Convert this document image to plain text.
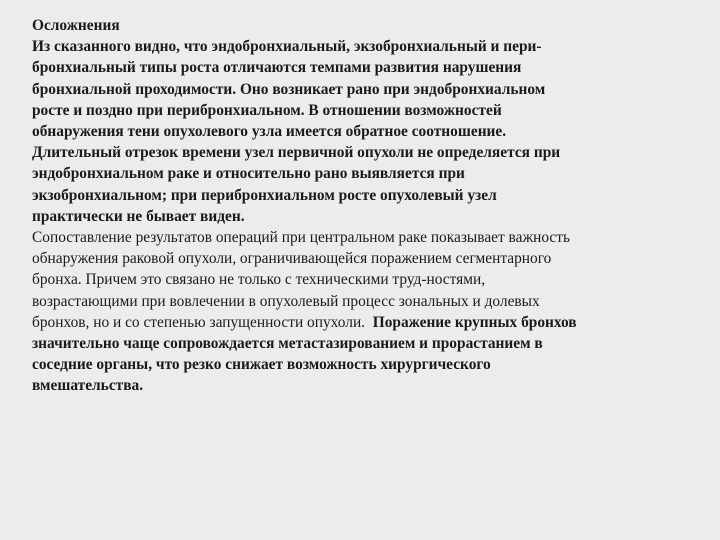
Осложнения

Из сказанного видно, что эндобронхиальный, экзобронхиальный и пери-
бронхиальный типы роста отличаются темпами развития нарушения
бронхиальной проходимости. Оно возникает рано при эндобронхиальном
росте и поздно при перибронхиальном. В отношении возможностей
обнаружения тени опухолевого узла имеется обратное соотношение.
Длительный отрезок времени узел первичной опухоли не определяется при
эндобронхиальном раке и относительно рано выявляется при
экзобронхиальном; при перибронхиальном росте опухолевый узел
практически не бывает виден.

Сопоставление результатов операций при центральном раке показывает важность
обнаружения раковой опухоли, ограничивающейся поражением сегментарного
бронха. Причем это связано не только с техническими труд-ностями,
возрастающими при вовлечении в опухолевый процесс зональных и долевых
бронхов, но и со степенью запущенности опухоли.  Поражение крупных бронхов
значительно чаще сопровождается метастазированием и прорастанием в
соседние органы, что резко снижает возможность хирургического
вмешательства.
